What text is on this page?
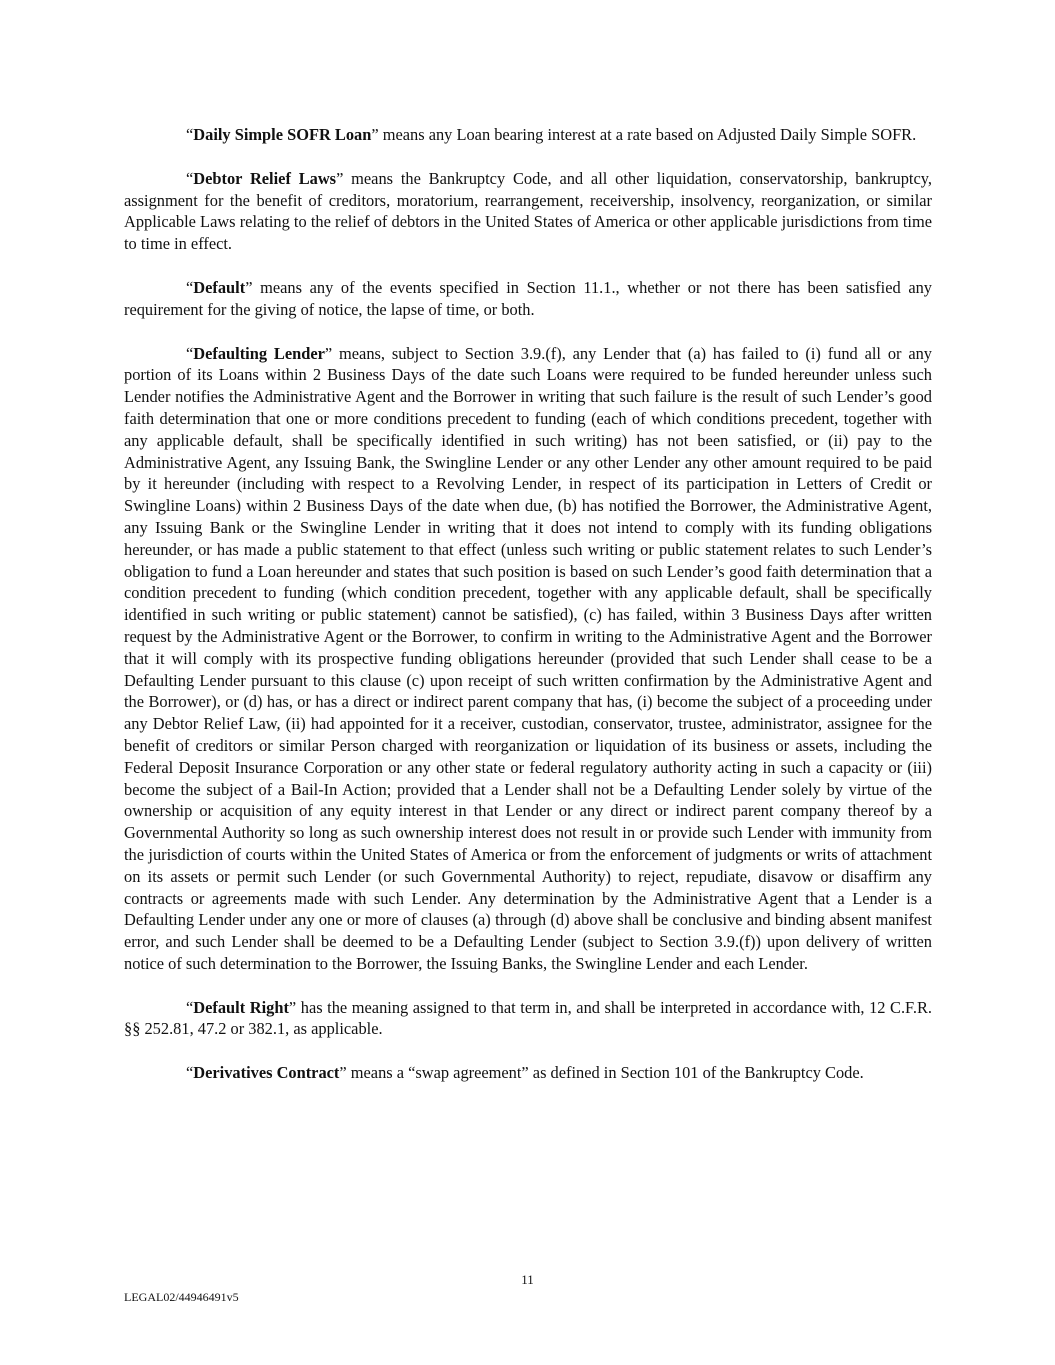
“Daily Simple SOFR Loan” means any Loan bearing interest at a rate based on Adjusted Daily Simple SOFR.

“Debtor Relief Laws” means the Bankruptcy Code, and all other liquidation, conservatorship, bankruptcy, assignment for the benefit of creditors, moratorium, rearrangement, receivership, insolvency, reorganization, or similar Applicable Laws relating to the relief of debtors in the United States of America or other applicable jurisdictions from time to time in effect.

“Default” means any of the events specified in Section 11.1., whether or not there has been satisfied any requirement for the giving of notice, the lapse of time, or both.

“Defaulting Lender” means, subject to Section 3.9.(f), any Lender that (a) has failed to (i) fund all or any portion of its Loans within 2 Business Days of the date such Loans were required to be funded hereunder unless such Lender notifies the Administrative Agent and the Borrower in writing that such failure is the result of such Lender’s good faith determination that one or more conditions precedent to funding (each of which conditions precedent, together with any applicable default, shall be specifically identified in such writing) has not been satisfied, or (ii) pay to the Administrative Agent, any Issuing Bank, the Swingline Lender or any other Lender any other amount required to be paid by it hereunder (including with respect to a Revolving Lender, in respect of its participation in Letters of Credit or Swingline Loans) within 2 Business Days of the date when due, (b) has notified the Borrower, the Administrative Agent, any Issuing Bank or the Swingline Lender in writing that it does not intend to comply with its funding obligations hereunder, or has made a public statement to that effect (unless such writing or public statement relates to such Lender’s obligation to fund a Loan hereunder and states that such position is based on such Lender’s good faith determination that a condition precedent to funding (which condition precedent, together with any applicable default, shall be specifically identified in such writing or public statement) cannot be satisfied), (c) has failed, within 3 Business Days after written request by the Administrative Agent or the Borrower, to confirm in writing to the Administrative Agent and the Borrower that it will comply with its prospective funding obligations hereunder (provided that such Lender shall cease to be a Defaulting Lender pursuant to this clause (c) upon receipt of such written confirmation by the Administrative Agent and the Borrower), or (d) has, or has a direct or indirect parent company that has, (i) become the subject of a proceeding under any Debtor Relief Law, (ii) had appointed for it a receiver, custodian, conservator, trustee, administrator, assignee for the benefit of creditors or similar Person charged with reorganization or liquidation of its business or assets, including the Federal Deposit Insurance Corporation or any other state or federal regulatory authority acting in such a capacity or (iii) become the subject of a Bail-In Action; provided that a Lender shall not be a Defaulting Lender solely by virtue of the ownership or acquisition of any equity interest in that Lender or any direct or indirect parent company thereof by a Governmental Authority so long as such ownership interest does not result in or provide such Lender with immunity from the jurisdiction of courts within the United States of America or from the enforcement of judgments or writs of attachment on its assets or permit such Lender (or such Governmental Authority) to reject, repudiate, disavow or disaffirm any contracts or agreements made with such Lender. Any determination by the Administrative Agent that a Lender is a Defaulting Lender under any one or more of clauses (a) through (d) above shall be conclusive and binding absent manifest error, and such Lender shall be deemed to be a Defaulting Lender (subject to Section 3.9.(f)) upon delivery of written notice of such determination to the Borrower, the Issuing Banks, the Swingline Lender and each Lender.

“Default Right” has the meaning assigned to that term in, and shall be interpreted in accordance with, 12 C.F.R. §§ 252.81, 47.2 or 382.1, as applicable.

“Derivatives Contract” means a “swap agreement” as defined in Section 101 of the Bankruptcy Code.

11
LEGAL02/44946491v5
